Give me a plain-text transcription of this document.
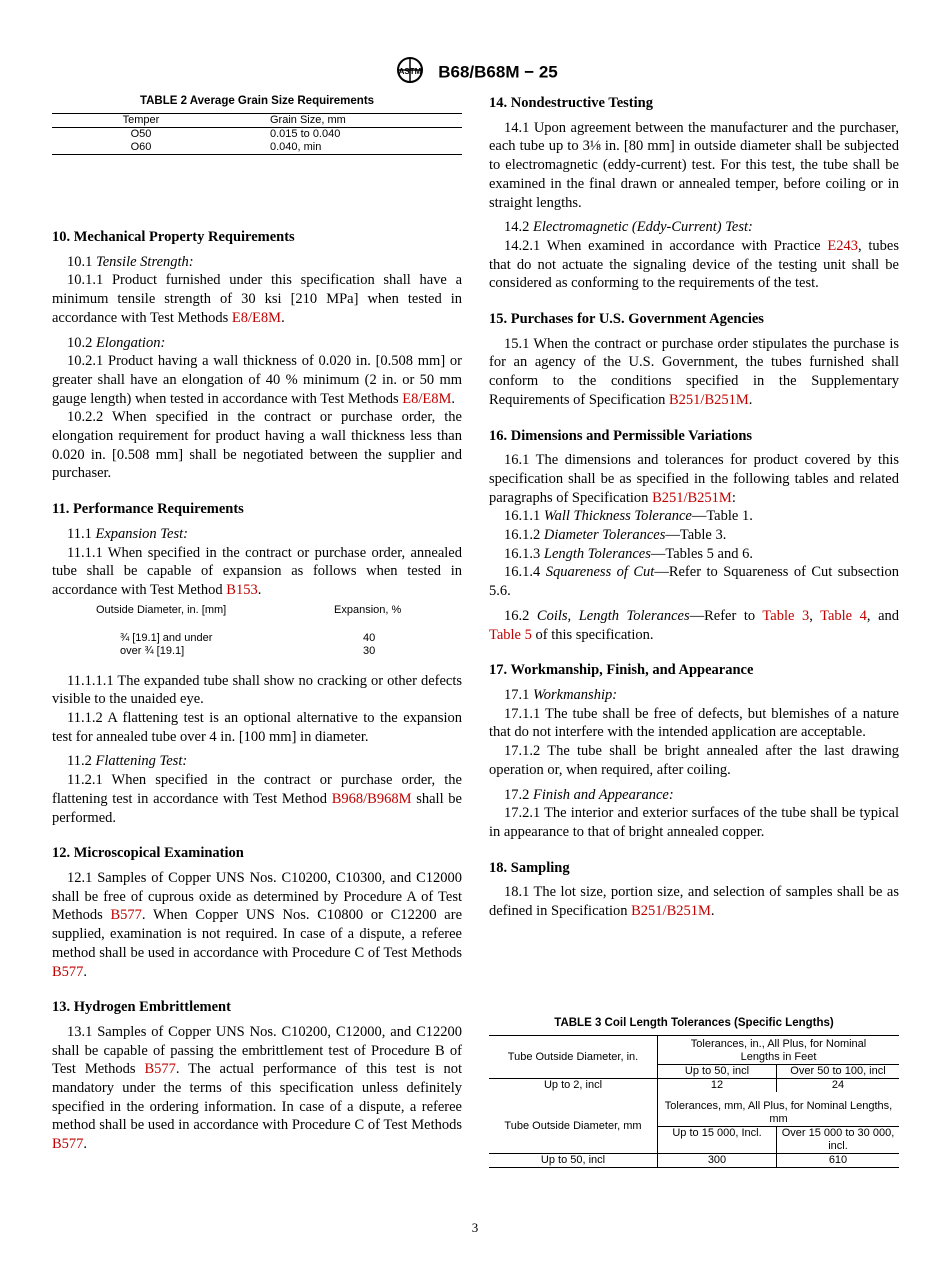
ASTM B68/B68M − 25
TABLE 2 Average Grain Size Requirements
Temper	Grain Size, mm
O50	0.015 to 0.040
O60	0.040, min

10. Mechanical Property Requirements

10.1 Tensile Strength:

10.1.1 Product furnished under this specification shall have a minimum tensile strength of 30 ksi [210 MPa] when tested in accordance with Test Methods E8/E8M.

10.2 Elongation:

10.2.1 Product having a wall thickness of 0.020 in. [0.508 mm] or greater shall have an elongation of 40 % minimum (2 in. or 50 mm gauge length) when tested in accordance with Test Methods E8/E8M.

10.2.2 When specified in the contract or purchase order, the elongation requirement for product having a wall thickness less than 0.020 in. [0.508 mm] shall be negotiated between the supplier and purchaser.

11. Performance Requirements

11.1 Expansion Test:

11.1.1 When specified in the contract or purchase order, annealed tube shall be capable of expansion as follows when tested in accordance with Test Method B153.

Outside Diameter, in. [mm]	Expansion, %
¾ [19.1] and under	40
over ¾ [19.1]	30

11.1.1.1 The expanded tube shall show no cracking or other defects visible to the unaided eye.

11.1.2 A flattening test is an optional alternative to the expansion test for annealed tube over 4 in. [100 mm] in diameter.

11.2 Flattening Test:

11.2.1 When specified in the contract or purchase order, the flattening test in accordance with Test Method B968/B968M shall be performed.

12. Microscopical Examination

12.1 Samples of Copper UNS Nos. C10200, C10300, and C12000 shall be free of cuprous oxide as determined by Procedure A of Test Methods B577. When Copper UNS Nos. C10800 or C12200 are supplied, examination is not required. In case of a dispute, a referee method shall be used in accordance with Procedure C of Test Methods B577.

13. Hydrogen Embrittlement

13.1 Samples of Copper UNS Nos. C10200, C12000, and C12200 shall be capable of passing the embrittlement test of Procedure B of Test Methods B577. The actual performance of this test is not mandatory under the terms of this specification unless definitely specified in the ordering information. In case of a dispute, a referee method shall be used in accordance with Procedure C of Test Methods B577.

14. Nondestructive Testing

14.1 Upon agreement between the manufacturer and the purchaser, each tube up to 3⅛ in. [80 mm] in outside diameter shall be subjected to electromagnetic (eddy-current) test. For this test, the tube shall be examined in the final drawn or annealed temper, before coiling or in straight lengths.

14.2 Electromagnetic (Eddy-Current) Test:

14.2.1 When examined in accordance with Practice E243, tubes that do not actuate the signaling device of the testing unit shall be considered as conforming to the requirements of the test.

15. Purchases for U.S. Government Agencies

15.1 When the contract or purchase order stipulates the purchase is for an agency of the U.S. Government, the tubes furnished shall conform to the conditions specified in the Supplementary Requirements of Specification B251/B251M.

16. Dimensions and Permissible Variations

16.1 The dimensions and tolerances for product covered by this specification shall be as specified in the following tables and related paragraphs of Specification B251/B251M:

16.1.1 Wall Thickness Tolerance—Table 1.

16.1.2 Diameter Tolerances—Table 3.

16.1.3 Length Tolerances—Tables 5 and 6.

16.1.4 Squareness of Cut—Refer to Squareness of Cut subsection 5.6.

16.2 Coils, Length Tolerances—Refer to Table 3, Table 4, and Table 5 of this specification.

17. Workmanship, Finish, and Appearance

17.1 Workmanship:

17.1.1 The tube shall be free of defects, but blemishes of a nature that do not interfere with the intended application are acceptable.

17.1.2 The tube shall be bright annealed after the last drawing operation or, when required, after coiling.

17.2 Finish and Appearance:

17.2.1 The interior and exterior surfaces of the tube shall be typical in appearance to that of bright annealed copper.

18. Sampling

18.1 The lot size, portion size, and selection of samples shall be as defined in Specification B251/B251M.

TABLE 3 Coil Length Tolerances (Specific Lengths)
Tube Outside Diameter, in.	Tolerances, in., All Plus, for Nominal Lengths in Feet	
	Up to 50, incl	Over 50 to 100, incl
Up to 2, incl	12	24
Tube Outside Diameter, mm	Tolerances, mm, All Plus, for Nominal Lengths, mm	
	Up to 15 000, Incl.	Over 15 000 to 30 000, incl.
Up to 50, incl	300	610
3
